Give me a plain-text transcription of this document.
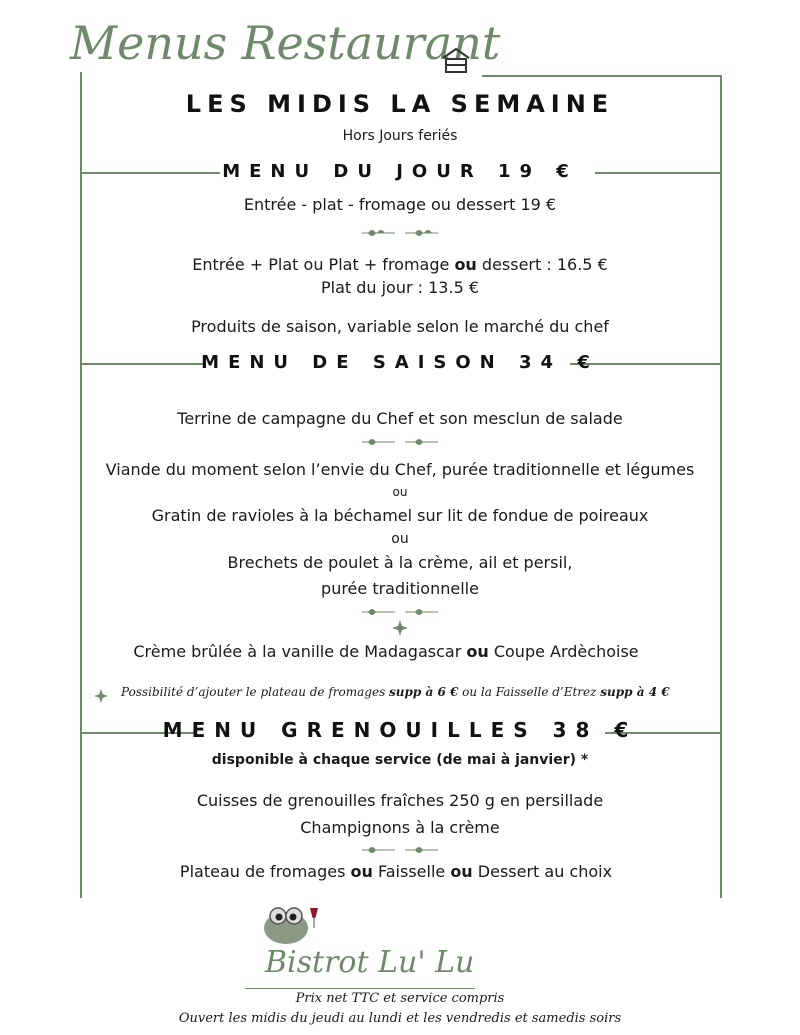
Menus Restaurant
LES MIDIS LA SEMAINE
Hors Jours feriés
MENU DU JOUR 19 €
Entrée - plat - fromage ou dessert 19 €
Entrée + Plat ou Plat + fromage ou dessert : 16.5 €
Plat du jour : 13.5 €
Produits de saison, variable selon le marché du chef
MENU DE SAISON 34 €
Terrine de campagne du Chef et son mesclun de salade
Viande du moment selon l’envie du Chef, purée traditionnelle et légumes
ou
Gratin de ravioles à la béchamel sur lit de fondue de poireaux
ou
Brechets de poulet à la crème, ail et persil,
purée traditionnelle
Crème brûlée à la vanille de Madagascar ou Coupe Ardèchoise
Possibilité d’ajouter le plateau de fromages supp à 6 € ou la Faisselle d’Etrez supp à 4 €
MENU GRENOUILLES 38 €
disponible à chaque service (de mai à janvier) *
Cuisses de grenouilles fraîches 250 g en persillade
Champignons à la crème
Plateau de fromages ou Faisselle ou Dessert au choix
Bistrot Lu' Lu
Prix net TTC et service compris
Ouvert les midis du jeudi au lundi et les vendredis et samedis soirs
